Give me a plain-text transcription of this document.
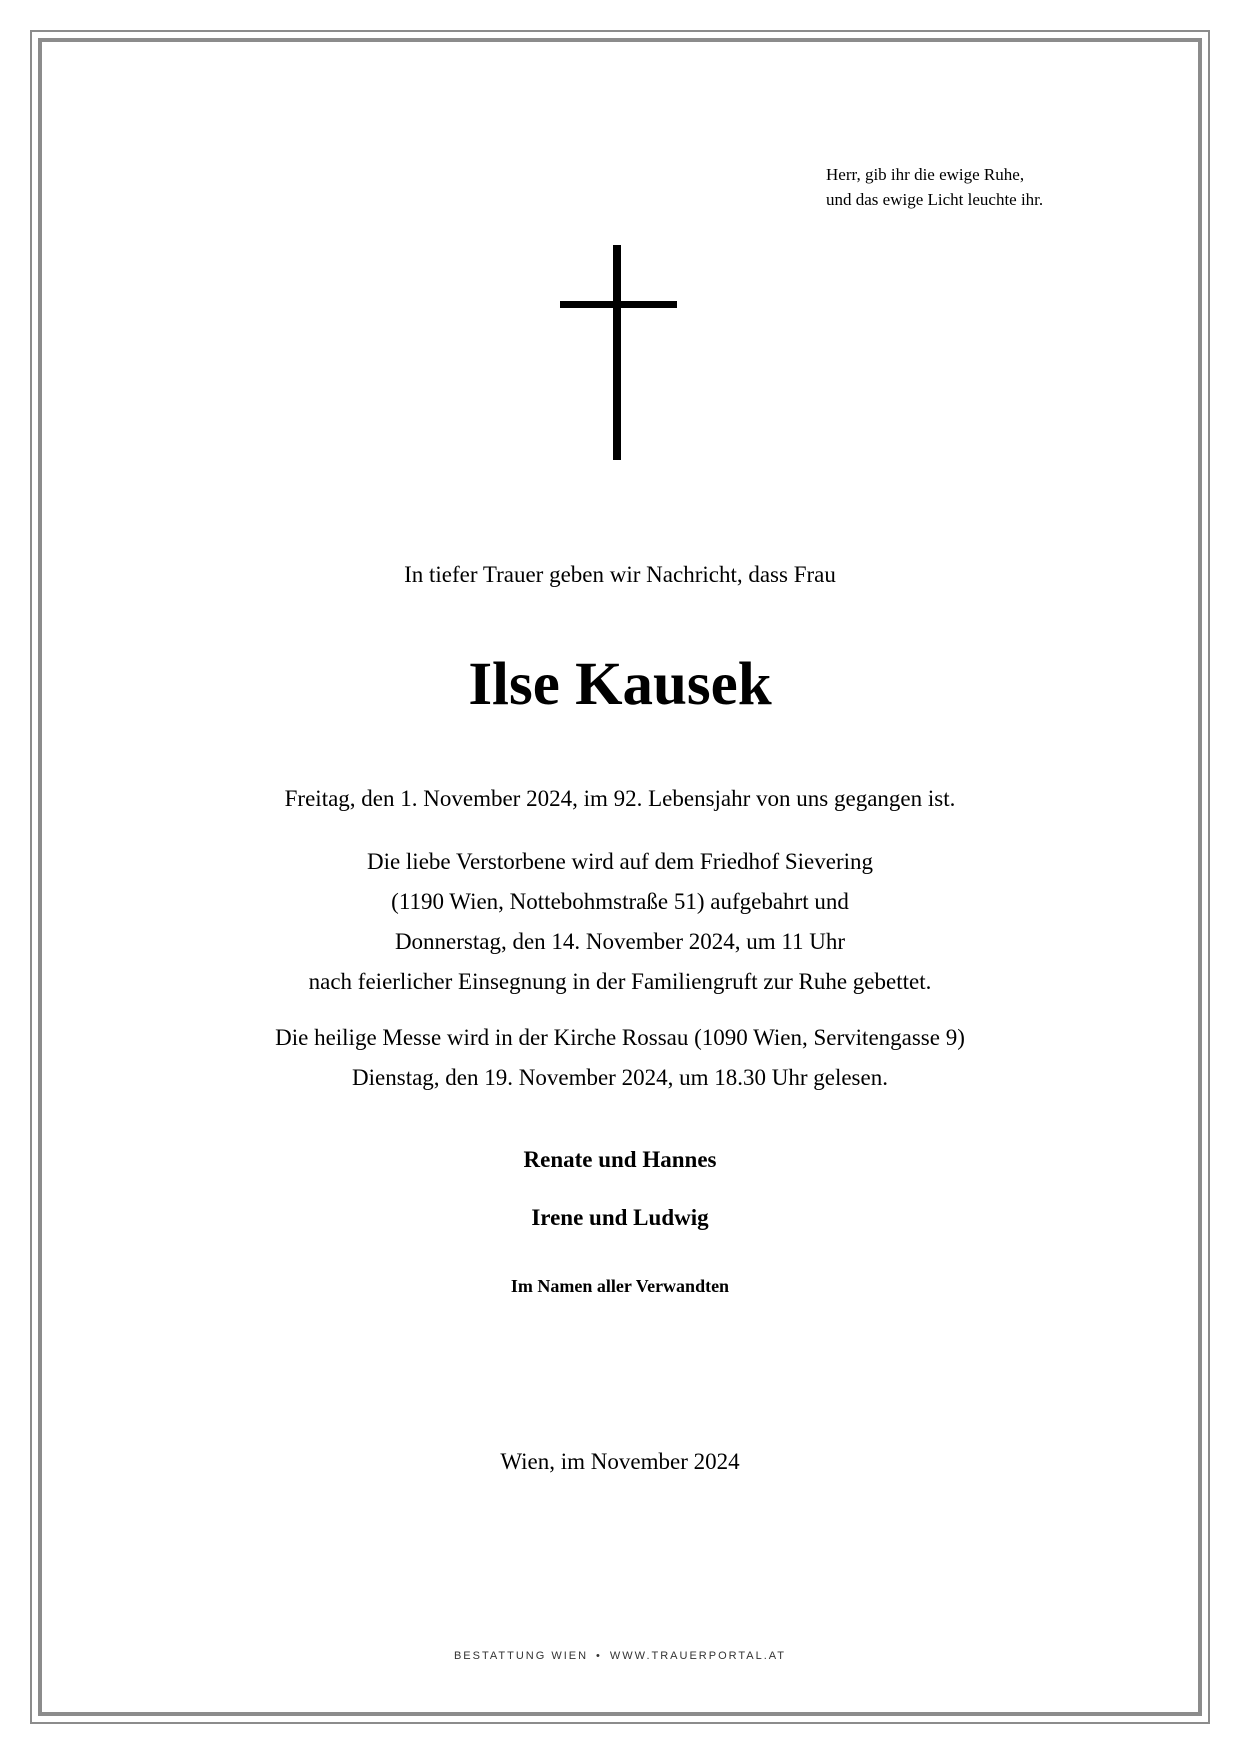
Herr, gib ihr die ewige Ruhe,
und das ewige Licht leuchte ihr.
In tiefer Trauer geben wir Nachricht, dass Frau
Ilse Kausek
Freitag, den 1. November 2024, im 92. Lebensjahr von uns gegangen ist.
Die liebe Verstorbene wird auf dem Friedhof Sievering
(1190 Wien, Nottebohmstraße 51) aufgebahrt und
Donnerstag, den 14. November 2024, um 11 Uhr
nach feierlicher Einsegnung in der Familiengruft zur Ruhe gebettet.
Die heilige Messe wird in der Kirche Rossau (1090 Wien, Servitengasse 9)
Dienstag, den 19. November 2024, um 18.30 Uhr gelesen.
Renate und Hannes
Irene und Ludwig
Im Namen aller Verwandten
Wien, im November 2024
BESTATTUNG WIEN • WWW.TRAUERPORTAL.AT
